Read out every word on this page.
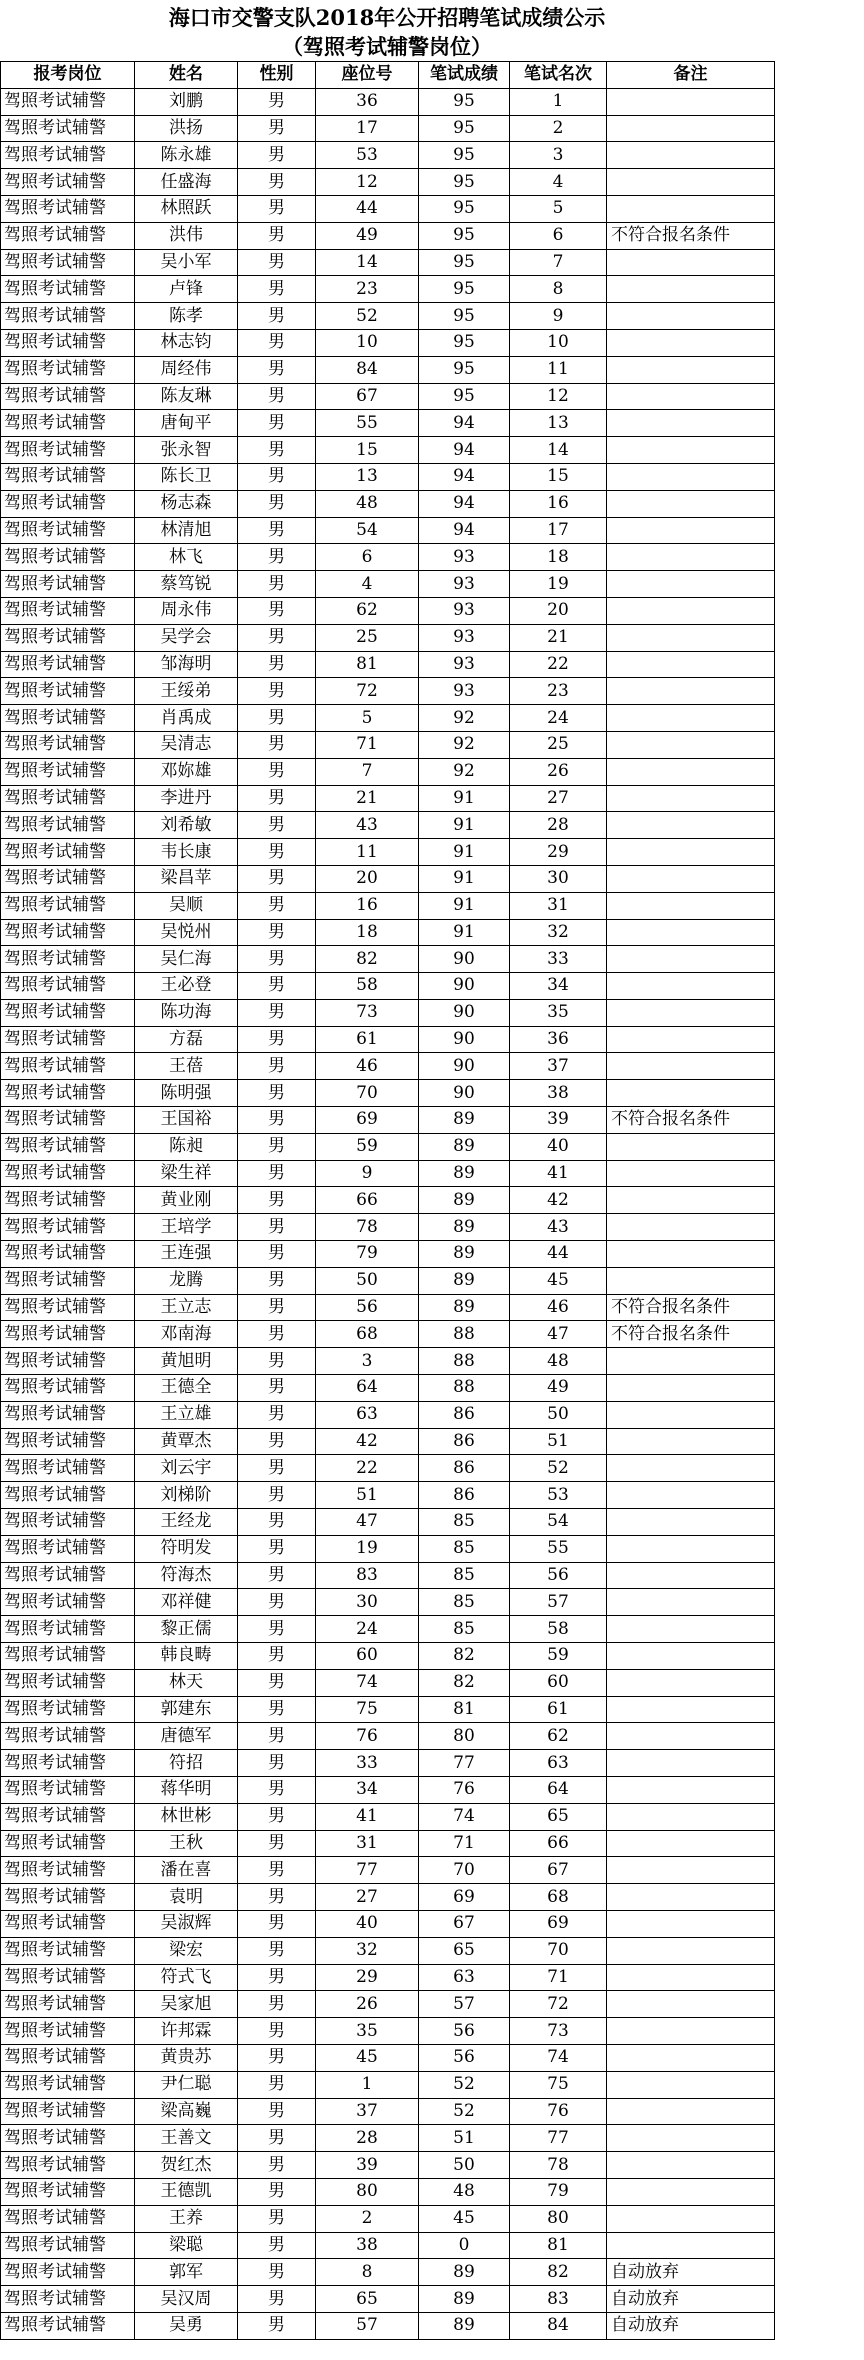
海口市交警支队2018年公开招聘笔试成绩公示
（驾照考试辅警岗位）
报考岗位	姓名	性别	座位号	笔试成绩	笔试名次	备注
驾照考试辅警	刘鹏	男	36	95	1	
驾照考试辅警	洪扬	男	17	95	2	
驾照考试辅警	陈永雄	男	53	95	3	
驾照考试辅警	任盛海	男	12	95	4	
驾照考试辅警	林照跃	男	44	95	5	
驾照考试辅警	洪伟	男	49	95	6	不符合报名条件
驾照考试辅警	吴小军	男	14	95	7	
驾照考试辅警	卢锋	男	23	95	8	
驾照考试辅警	陈孝	男	52	95	9	
驾照考试辅警	林志钧	男	10	95	10	
驾照考试辅警	周经伟	男	84	95	11	
驾照考试辅警	陈友琳	男	67	95	12	
驾照考试辅警	唐甸平	男	55	94	13	
驾照考试辅警	张永智	男	15	94	14	
驾照考试辅警	陈长卫	男	13	94	15	
驾照考试辅警	杨志森	男	48	94	16	
驾照考试辅警	林清旭	男	54	94	17	
驾照考试辅警	林飞	男	6	93	18	
驾照考试辅警	蔡笃锐	男	4	93	19	
驾照考试辅警	周永伟	男	62	93	20	
驾照考试辅警	吴学会	男	25	93	21	
驾照考试辅警	邹海明	男	81	93	22	
驾照考试辅警	王绥弟	男	72	93	23	
驾照考试辅警	肖禹成	男	5	92	24	
驾照考试辅警	吴清志	男	71	92	25	
驾照考试辅警	邓妳雄	男	7	92	26	
驾照考试辅警	李进丹	男	21	91	27	
驾照考试辅警	刘希敏	男	43	91	28	
驾照考试辅警	韦长康	男	11	91	29	
驾照考试辅警	梁昌苹	男	20	91	30	
驾照考试辅警	吴顺	男	16	91	31	
驾照考试辅警	吴悦州	男	18	91	32	
驾照考试辅警	吴仁海	男	82	90	33	
驾照考试辅警	王必登	男	58	90	34	
驾照考试辅警	陈功海	男	73	90	35	
驾照考试辅警	方磊	男	61	90	36	
驾照考试辅警	王蓓	男	46	90	37	
驾照考试辅警	陈明强	男	70	90	38	
驾照考试辅警	王国裕	男	69	89	39	不符合报名条件
驾照考试辅警	陈昶	男	59	89	40	
驾照考试辅警	梁生祥	男	9	89	41	
驾照考试辅警	黄业刚	男	66	89	42	
驾照考试辅警	王培学	男	78	89	43	
驾照考试辅警	王连强	男	79	89	44	
驾照考试辅警	龙腾	男	50	89	45	
驾照考试辅警	王立志	男	56	89	46	不符合报名条件
驾照考试辅警	邓南海	男	68	88	47	不符合报名条件
驾照考试辅警	黄旭明	男	3	88	48	
驾照考试辅警	王德全	男	64	88	49	
驾照考试辅警	王立雄	男	63	86	50	
驾照考试辅警	黄覃杰	男	42	86	51	
驾照考试辅警	刘云宇	男	22	86	52	
驾照考试辅警	刘梯阶	男	51	86	53	
驾照考试辅警	王经龙	男	47	85	54	
驾照考试辅警	符明发	男	19	85	55	
驾照考试辅警	符海杰	男	83	85	56	
驾照考试辅警	邓祥健	男	30	85	57	
驾照考试辅警	黎正儒	男	24	85	58	
驾照考试辅警	韩良畴	男	60	82	59	
驾照考试辅警	林天	男	74	82	60	
驾照考试辅警	郭建东	男	75	81	61	
驾照考试辅警	唐德军	男	76	80	62	
驾照考试辅警	符招	男	33	77	63	
驾照考试辅警	蒋华明	男	34	76	64	
驾照考试辅警	林世彬	男	41	74	65	
驾照考试辅警	王秋	男	31	71	66	
驾照考试辅警	潘在喜	男	77	70	67	
驾照考试辅警	袁明	男	27	69	68	
驾照考试辅警	吴淑辉	男	40	67	69	
驾照考试辅警	梁宏	男	32	65	70	
驾照考试辅警	符式飞	男	29	63	71	
驾照考试辅警	吴家旭	男	26	57	72	
驾照考试辅警	许邦霖	男	35	56	73	
驾照考试辅警	黄贵苏	男	45	56	74	
驾照考试辅警	尹仁聪	男	1	52	75	
驾照考试辅警	梁高巍	男	37	52	76	
驾照考试辅警	王善文	男	28	51	77	
驾照考试辅警	贺红杰	男	39	50	78	
驾照考试辅警	王德凯	男	80	48	79	
驾照考试辅警	王养	男	2	45	80	
驾照考试辅警	梁聪	男	38	0	81	
驾照考试辅警	郭军	男	8	89	82	自动放弃
驾照考试辅警	吴汉周	男	65	89	83	自动放弃
驾照考试辅警	吴勇	男	57	89	84	自动放弃
